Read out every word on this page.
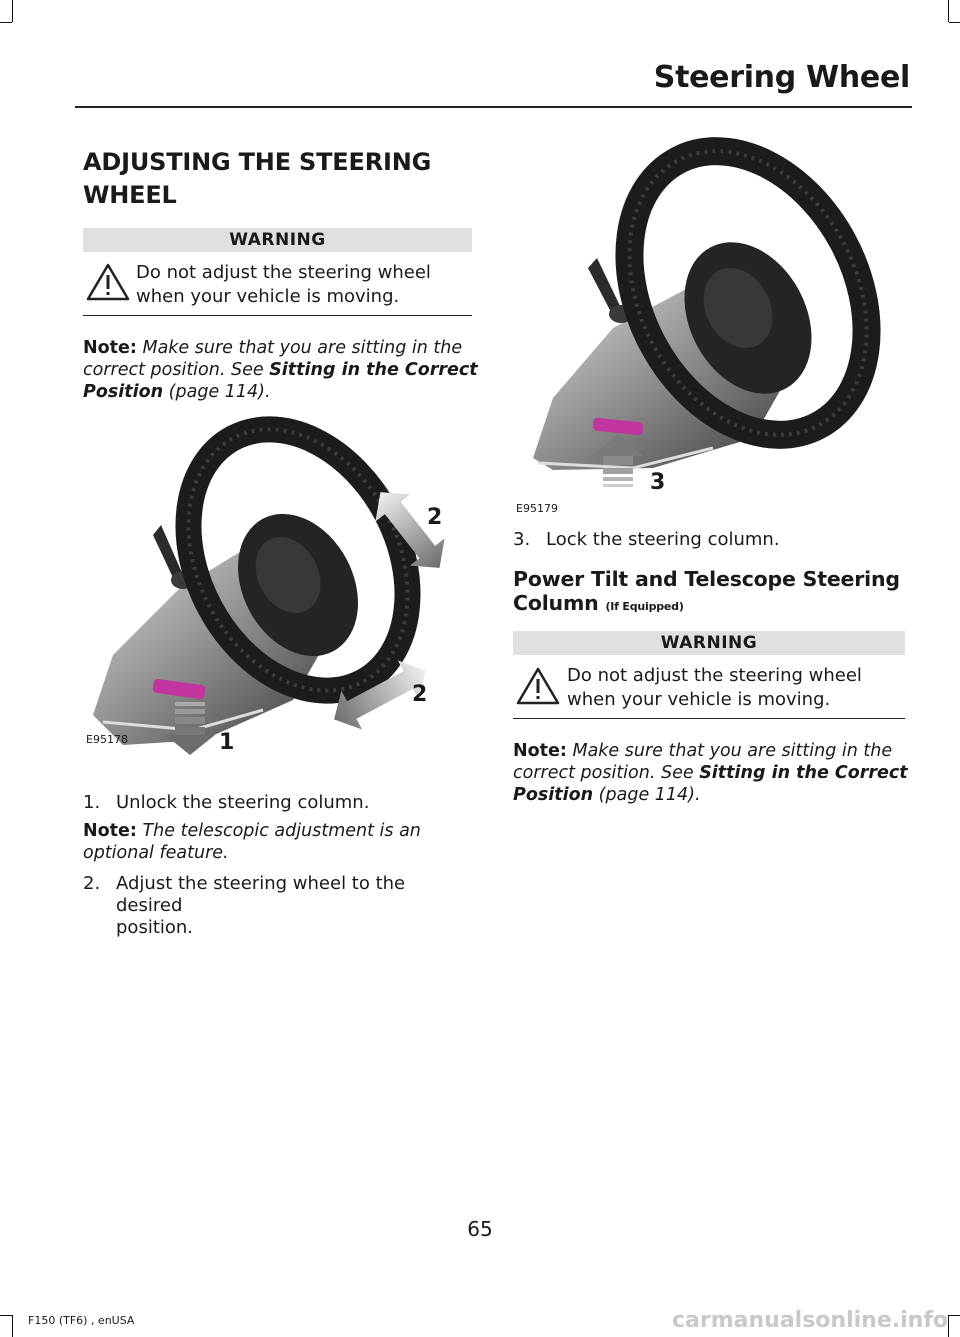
Steering Wheel
ADJUSTING THE STEERING
WHEEL
WARNING
Do not adjust the steering wheel
when your vehicle is moving.
Note: Make sure that you are sitting in the
correct position. See Sitting in the Correct
Position (page 114).
1
2
2
E95178
1. Unlock the steering column.
Note: The telescopic adjustment is an
optional feature.
2. Adjust the steering wheel to the desired
position.
3
E95179
3. Lock the steering column.
Power Tilt and Telescope Steering
Column (If Equipped)
WARNING
Do not adjust the steering wheel
when your vehicle is moving.
Note: Make sure that you are sitting in the
correct position. See Sitting in the Correct
Position (page 114).
65
F150 (TF6) , enUSA	carmanualsonline.info
